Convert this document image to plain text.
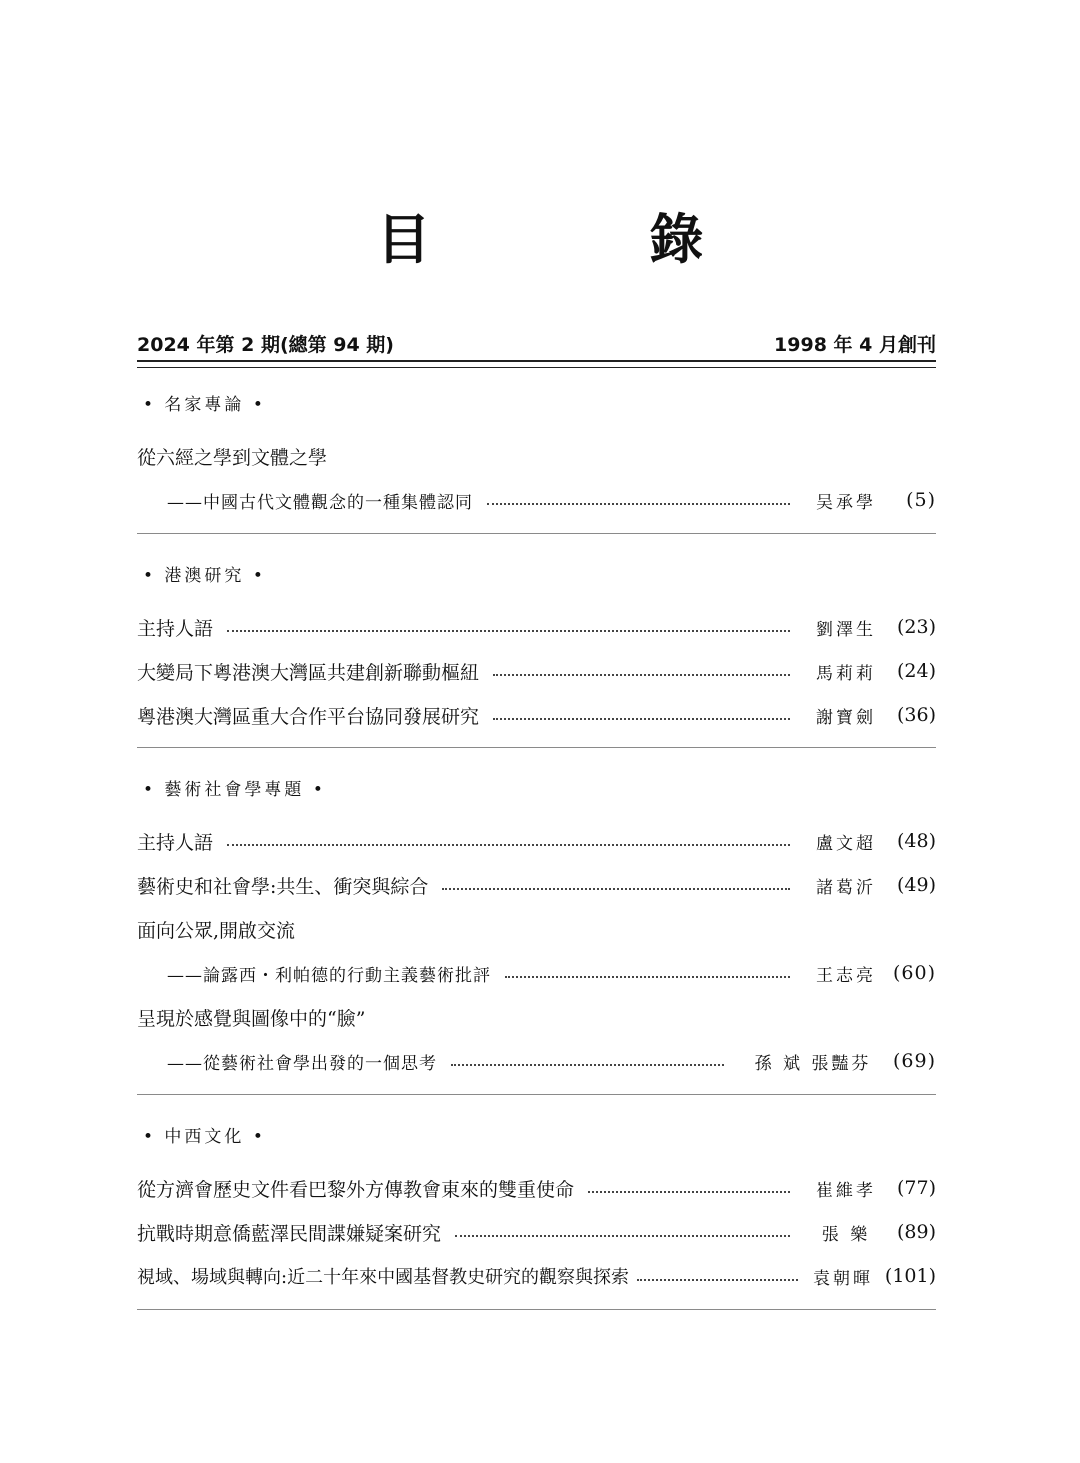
目 錄
2024 年第 2 期(總第 94 期)	1998 年 4 月創刊
• 名家專論 •
從六經之學到文體之學
——中國古代文體觀念的一種集體認同	吴承學	(5)
• 港澳研究 •
主持人語	劉澤生	(23)
大變局下粵港澳大灣區共建創新聯動樞紐	馬莉莉	(24)
粵港澳大灣區重大合作平台協同發展研究	謝寶劍	(36)
• 藝術社會學專題 •
主持人語	盧文超	(48)
藝術史和社會學:共生、衝突與綜合	諸葛沂	(49)
面向公眾,開啟交流
——論露西・利帕德的行動主義藝術批評	王志亮 (60)
呈現於感覺與圖像中的“臉”
——從藝術社會學出發的一個思考	孫 斌 張豔芬	(69)
• 中西文化 •
從方濟會歷史文件看巴黎外方傳教會東來的雙重使命	崔維孝	(77)
抗戰時期意僑藍澤民間諜嫌疑案研究	張 樂	(89)
視域、場域與轉向:近二十年來中國基督教史研究的觀察與探索	袁朝暉 (101)
